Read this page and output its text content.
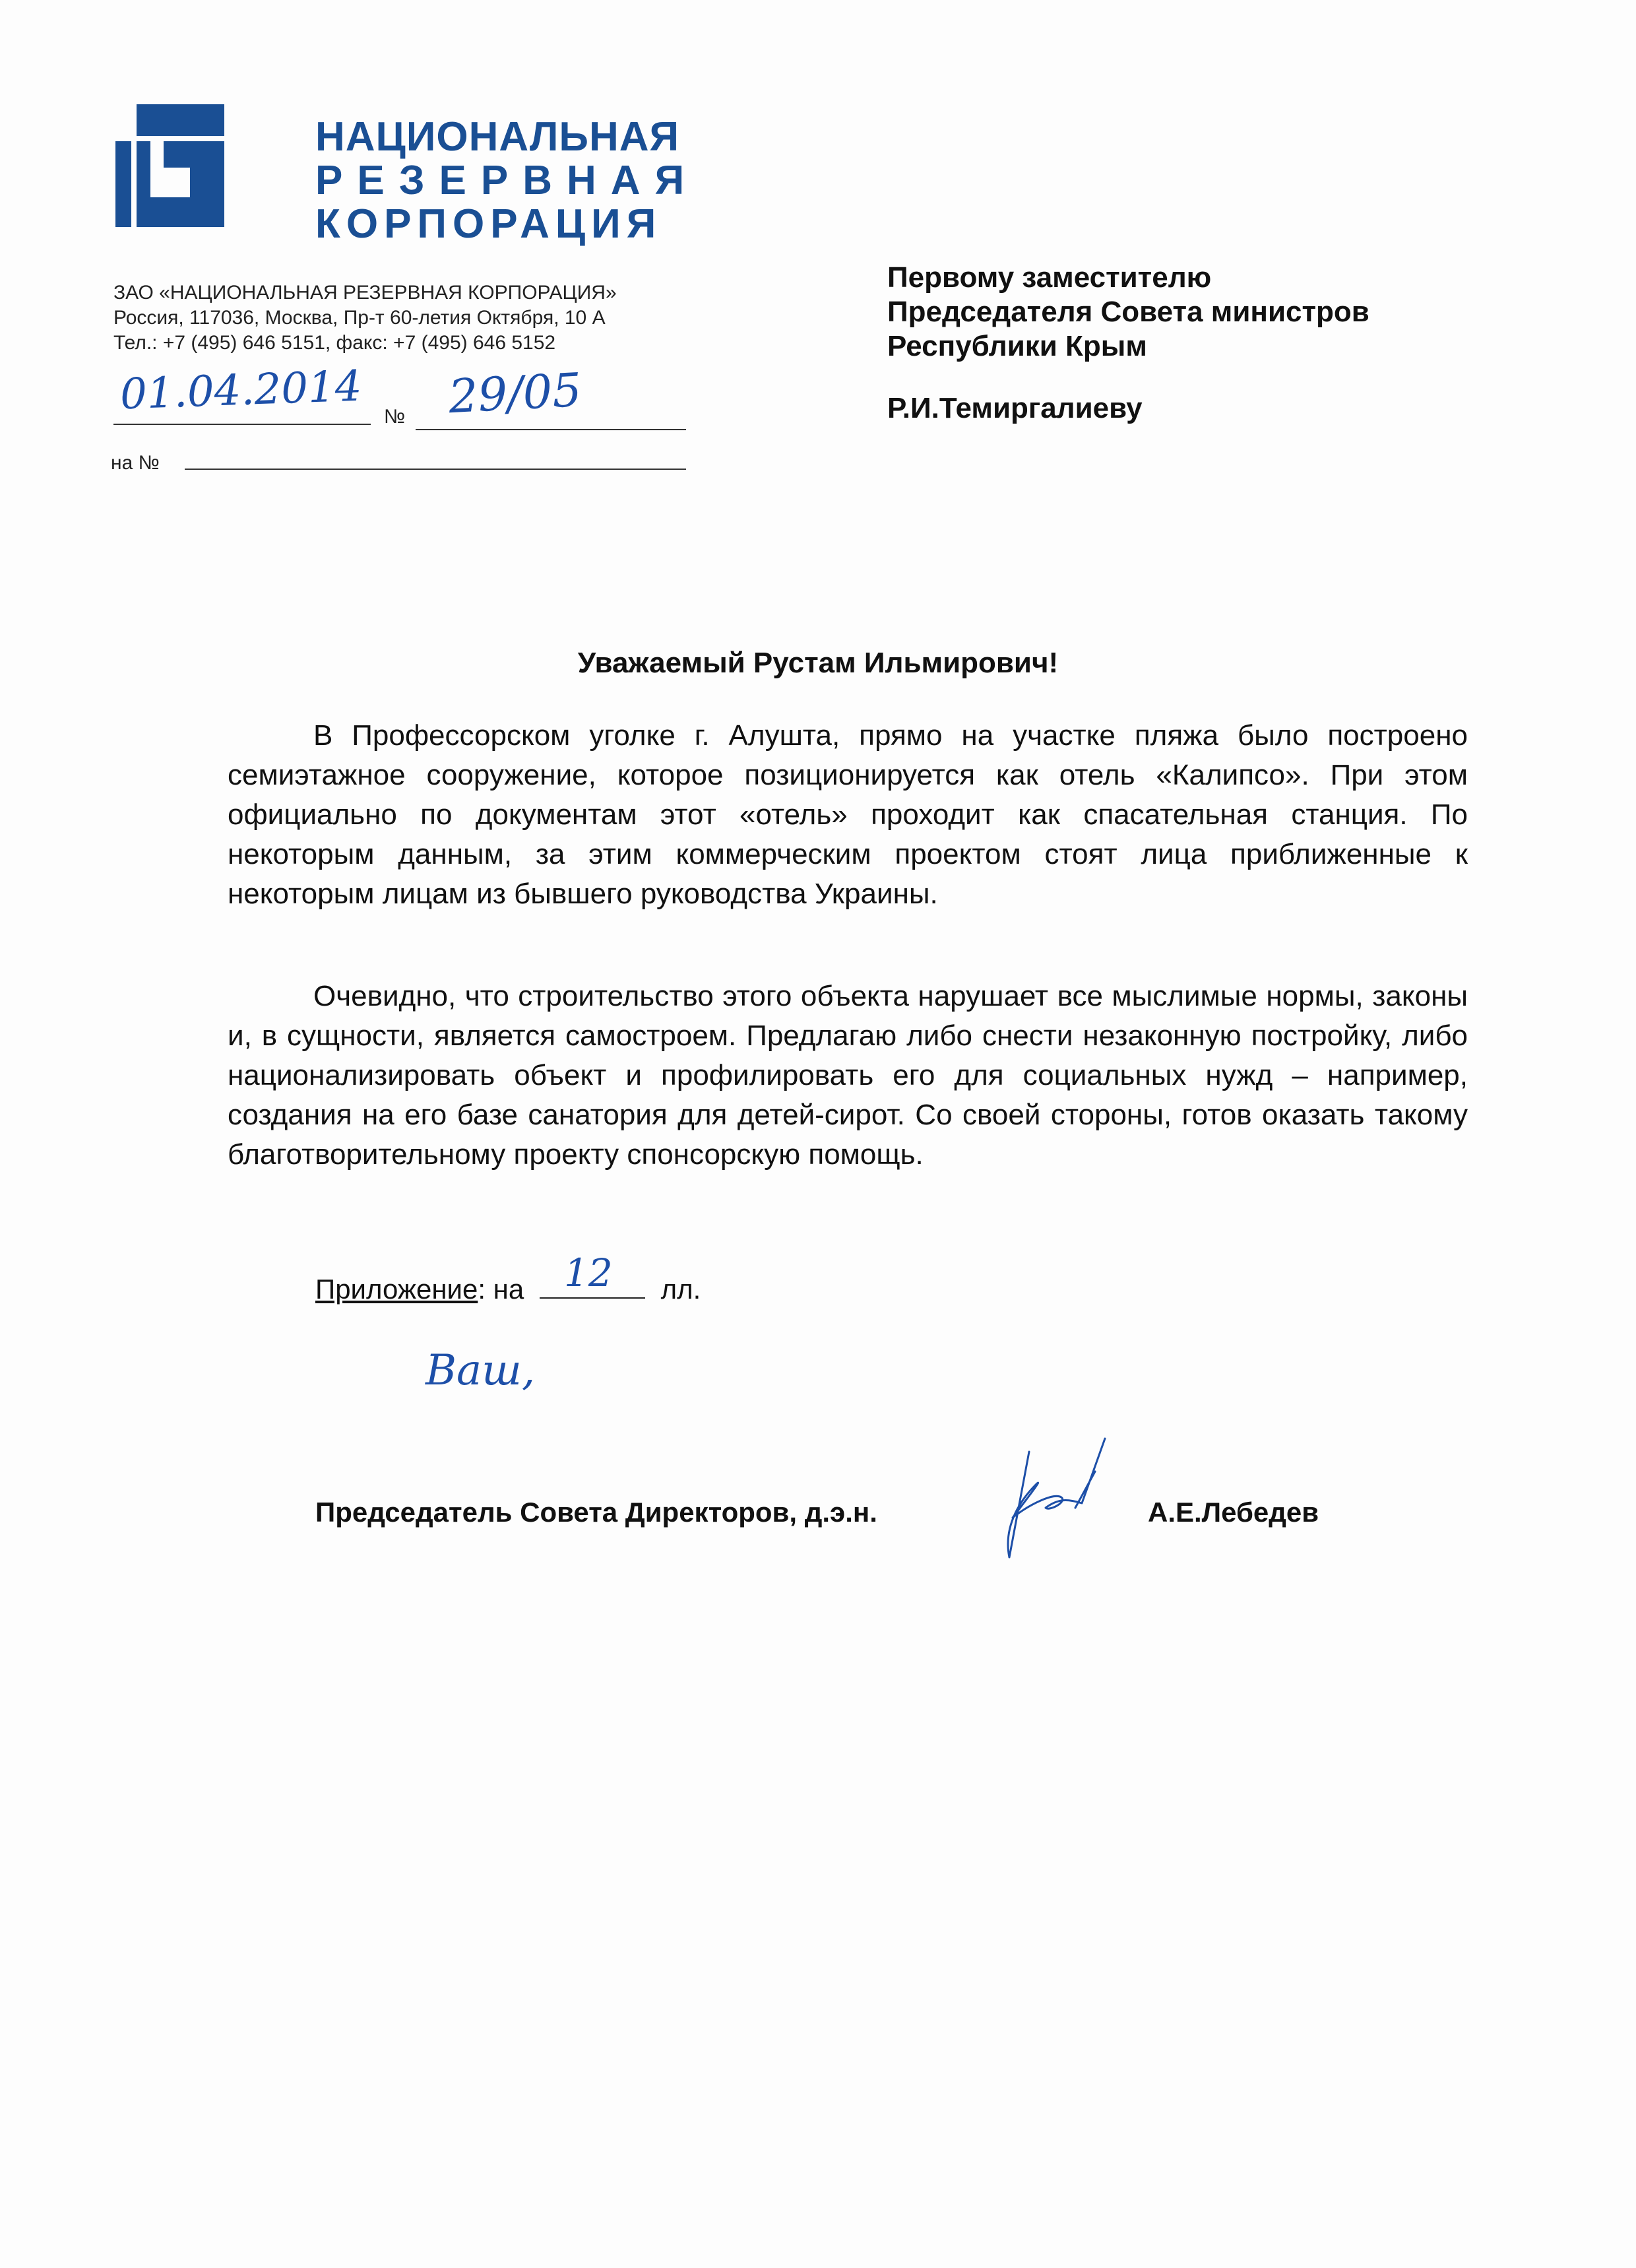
НАЦИОНАЛЬНАЯ
РЕЗЕРВНАЯ
КОРПОРАЦИЯ
ЗАО «НАЦИОНАЛЬНАЯ РЕЗЕРВНАЯ КОРПОРАЦИЯ»
Россия, 117036, Москва, Пр-т 60-летия Октября, 10 А
Тел.: +7 (495) 646 5151, факс: +7 (495) 646 5152
01.04.2014 № 29/05
на №
Первому заместителю
Председателя Совета министров
Республики Крым
Р.И.Темиргалиеву
Уважаемый Рустам Ильмирович!
В Профессорском уголке г. Алушта, прямо на участке пляжа было построено семиэтажное сооружение, которое позиционируется как отель «Калипсо». При этом официально по документам этот «отель» проходит как спасательная станция. По некоторым данным, за этим коммерческим проектом стоят лица приближенные к некоторым лицам из бывшего руководства Украины.
Очевидно, что строительство этого объекта нарушает все мыслимые нормы, законы и, в сущности, является самостроем. Предлагаю либо снести незаконную постройку, либо национализировать объект и профилировать его для социальных нужд – например, создания на его базе санатория для детей-сирот. Со своей стороны, готов оказать такому благотворительному проекту спонсорскую помощь.
Приложение: на	лл.
12
Ваш,
Председатель Совета Директоров, д.э.н.	А.Е.Лебедев
